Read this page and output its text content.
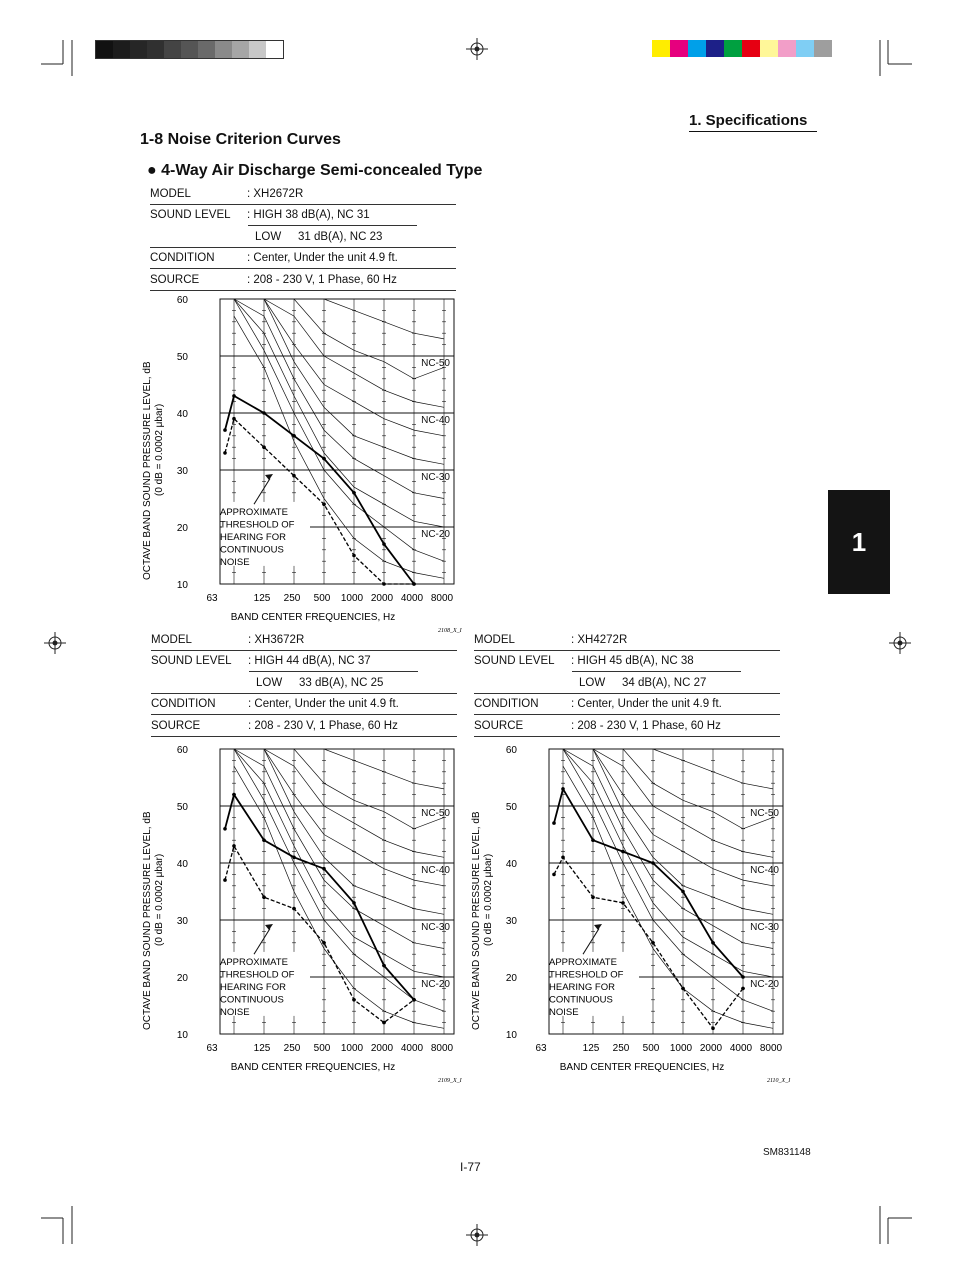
1. Specifications
1-8 Noise Criterion Curves
● 4-Way Air Discharge Semi-concealed Type
1
MODEL	: XH2672R
SOUND LEVEL : HIGH 38 dB(A), NC 31
LOW 31 dB(A), NC 23
CONDITION	: Center, Under the unit 4.9 ft.
SOURCE	: 208 - 230 V, 1 Phase, 60 Hz
MODEL	: XH3672R
SOUND LEVEL : HIGH 44 dB(A), NC 37
LOW 33 dB(A), NC 25
CONDITION	: Center, Under the unit 4.9 ft.
SOURCE	: 208 - 230 V, 1 Phase, 60 Hz
MODEL	: XH4272R
SOUND LEVEL : HIGH 45 dB(A), NC 38
LOW 34 dB(A), NC 27
CONDITION	: Center, Under the unit 4.9 ft.
SOURCE	: 208 - 230 V, 1 Phase, 60 Hz
NC-50
NC-40
NC-30
NC-20
60
50
40
30
20
10
63	125 250 500 1000 2000 4000 8000
BAND CENTER FREQUENCIES, Hz
OCTAVE BAND SOUND PRESSURE LEVEL, dB (0 dB = 0.0002 μbar)
APPROXIMATE
THRESHOLD OF
HEARING FOR
CONTINUOUS
NOISE
2108_X_I
NC-50
NC-40
NC-30
NC-20
60
50
40
30
20
10
63	125 250 500 1000 2000 4000 8000
BAND CENTER FREQUENCIES, Hz
OCTAVE BAND SOUND PRESSURE LEVEL, dB (0 dB = 0.0002 μbar)
APPROXIMATE
THRESHOLD OF
HEARING FOR
CONTINUOUS
NOISE
2109_X_I
NC-50
NC-40
NC-30
NC-20
60
50
40
30
20
10
63	125 250 500 1000 2000 4000 8000
BAND CENTER FREQUENCIES, Hz
OCTAVE BAND SOUND PRESSURE LEVEL, dB (0 dB = 0.0002 μbar)
APPROXIMATE
THRESHOLD OF
HEARING FOR
CONTINUOUS
NOISE
2110_X_I
I-77
SM831148
